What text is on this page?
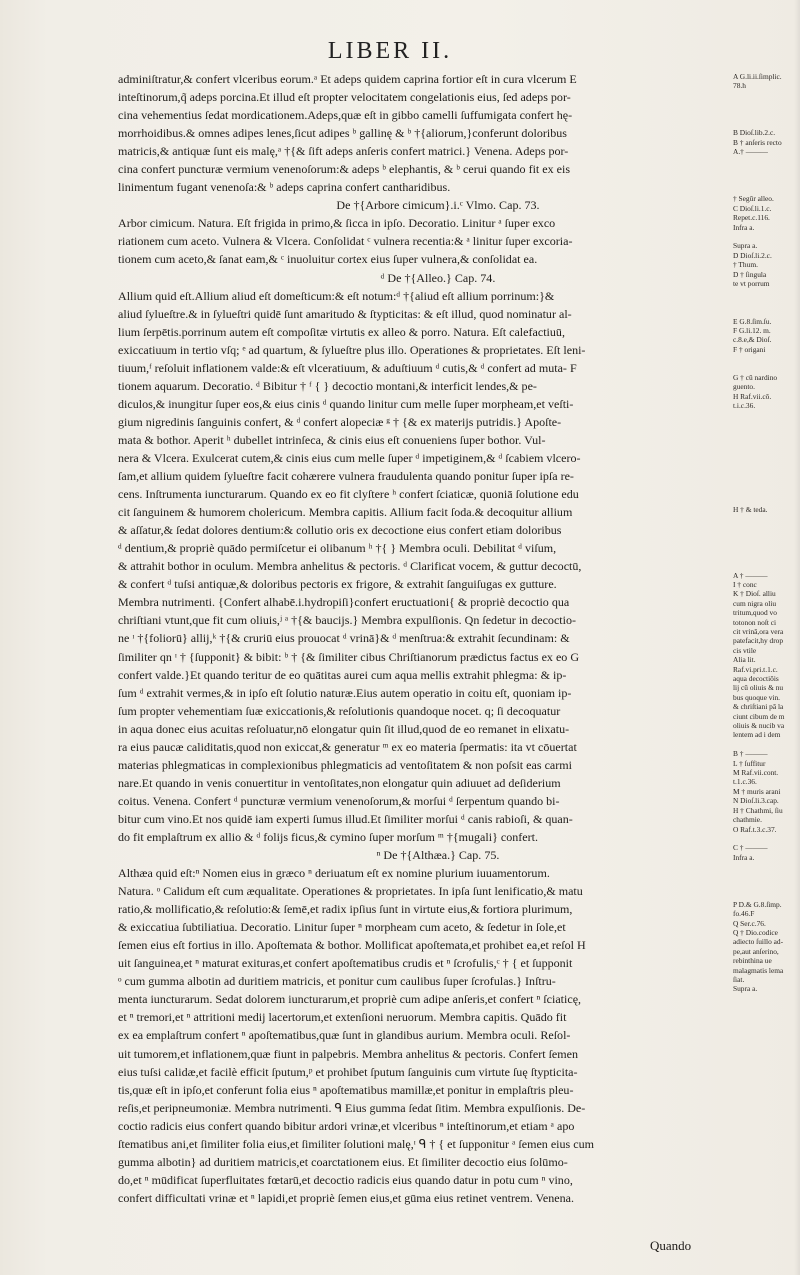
LIBER II.
adminiſtratur,& confert vlceribus eorum.ᵃ Et adeps quidem caprina fortior eſt in cura vlcerum E
inteſtinorum,q̃ adeps porcina.Et illud eſt propter velocitatem congelationis eius, ſed adeps por-
cina vehementius ſedat mordicationem.Adeps,quæ eſt in gibbo camelli ſuffumigata confert hę-
morrhoidibus.& omnes adipes lenes,ſicut adipes ᵇ gallinę & ᵇ †{aliorum,}conferunt doloribus
matricis,& antiquæ ſunt eis malę,ᵃ †{& ſift adeps anſeris confert matrici.} Venena. Adeps por-
cina confert puncturæ vermium venenoſorum:& adeps ᵇ elephantis, & ᵇ cerui quando fit ex eis
linimentum fugant venenoſa:& ᵇ adeps caprina confert cantharidibus.
De †{Arbore cimicum}.i.ᶜ Vlmo. Cap. 73.
Arbor cimicum. Natura. Eſt frigida in primo,& ſicca in ipſo. Decoratio. Linitur ᵃ ſuper exco
riationem cum aceto. Vulnera & Vlcera. Conſolidat ᶜ vulnera recentia:& ᵃ linitur ſuper excoria-
tionem cum aceto,& ſanat eam,& ᶜ inuoluitur cortex eius ſuper vulnera,& conſolidat ea.
ᵈ De †{Alleo.} Cap. 74.
Allium quid eſt.Allium aliud eſt domeſticum:& eſt notum:ᵈ †{aliud eſt allium porrinum:}&
aliud ſylueſtre.& in ſylueſtri quidē ſunt amaritudo & ſtypticitas: & eſt illud, quod nominatur al-
lium ſerpētis.porrinum autem eſt compoſitæ virtutis ex alleo & porro. Natura. Eſt calefactiuū,
exiccatiuum in tertio vſq; ᵉ ad quartum, & ſylueſtre plus illo. Operationes & proprietates. Eſt leni-
tiuum,ᶠ reſoluit inflationem valde:& eſt vlceratiuum, & aduſtiuum ᵈ cutis,& ᵈ confert ad muta- F
tionem aquarum. Decoratio. ᵈ Bibitur † ᶠ { } decoctio montani,& interficit lendes,& pe-
diculos,& inungitur ſuper eos,& eius cinis ᵈ quando linitur cum melle ſuper morpheam,et veſti-
gium nigredinis ſanguinis confert, & ᵈ confert alopeciæ ᵍ † {& ex materijs putridis.} Apoſte-
mata & bothor. Aperit ʰ dubellet intrinſeca, & cinis eius eſt conueniens ſuper bothor. Vul-
nera & Vlcera. Exulcerat cutem,& cinis eius cum melle ſuper ᵈ impetiginem,& ᵈ ſcabiem vlcero-
ſam,et allium quidem ſylueſtre facit cohærere vulnera fraudulenta quando ponitur ſuper ipſa re-
cens. Inſtrumenta iuncturarum. Quando ex eo fit clyſtere ʰ confert ſciaticæ, quoniā ſolutione edu
cit ſanguinem & humorem cholericum. Membra capitis. Allium facit ſoda.& decoquitur allium
& aſſatur,& ſedat dolores dentium:& collutio oris ex decoctione eius confert etiam doloribus
ᵈ dentium,& propriè quādo permiſcetur ei olibanum ʰ †{ } Membra oculi. Debilitat ᵈ viſum,
& attrahit bothor in oculum. Membra anhelitus & pectoris. ᵈ Clarificat vocem, & guttur decoctū,
& confert ᵈ tuſsi antiquæ,& doloribus pectoris ex frigore, & extrahit ſanguiſugas ex gutture.
Membra nutrimenti. {Confert alhabē.i.hydropiſi}confert eructuationi{ & propriè decoctio qua
chriſtiani vtunt,que fit cum oliuis,ʲ ᵃ †{& baucijs.} Membra expulſionis. Qn ſedetur in decoctio-
ne ᶦ †{foliorū} allij,ᵏ †{& cruriū eius prouocat ᵈ vrinā}& ᵈ menſtrua:& extrahit ſecundinam: &
ſimiliter qn ᶦ † {ſupponit} & bibit: ᵇ † {& ſimiliter cibus Chriſtianorum prædictus factus ex eo G
confert valde.}Et quando teritur de eo quātitas aurei cum aqua mellis extrahit phlegma: & ip-
ſum ᵈ extrahit vermes,& in ipſo eſt ſolutio naturæ.Eius autem operatio in coitu eſt, quoniam ip-
ſum propter vehementiam ſuæ exiccationis,& reſolutionis quandoque nocet. q; ſi decoquatur
in aqua donec eius acuitas reſoluatur,nō elongatur quin ſit illud,quod de eo remanet in elixatu-
ra eius paucæ caliditatis,quod non exiccat,& generatur ᵐ ex eo materia ſpermatis: ita vt cōuertat
materias phlegmaticas in complexionibus phlegmaticis ad ventoſitatem & non poſsit eas carmi
nare.Et quando in venis conuertitur in ventoſitates,non elongatur quin adiuuet ad deſiderium
coitus. Venena. Confert ᵈ puncturæ vermium venenoſorum,& morſui ᵈ ſerpentum quando bi-
bitur cum vino.Et nos quidē iam experti ſumus illud.Et ſimiliter morſui ᵈ canis rabioſi, & quan-
do fit emplaſtrum ex allio & ᵈ folijs ficus,& cymino ſuper morſum ᵐ †{mugali} confert.
ⁿ De †{Althæa.} Cap. 75.
Althæa quid eſt:ⁿ Nomen eius in græco ⁿ deriuatum eſt ex nomine plurium iuuamentorum.
Natura. ᵒ Calidum eſt cum æqualitate. Operationes & proprietates. In ipſa ſunt lenificatio,& matu
ratio,& mollificatio,& reſolutio:& ſemē,et radix ipſius ſunt in virtute eius,& fortiora plurimum,
& exiccatiua ſubtiliatiua. Decoratio. Linitur ſuper ⁿ morpheam cum aceto, & ſedetur in ſole,et
ſemen eius eſt fortius in illo. Apoſtemata & bothor. Mollificat apoſtemata,et prohibet ea,et reſol H
uit ſanguinea,et ⁿ maturat exituras,et confert apoſtematibus crudis et ⁿ ſcrofulis,ᶜ † { et ſupponit
ᵒ cum gumma albotin ad duritiem matricis, et ponitur cum caulibus ſuper ſcrofulas.} Inſtru-
menta iuncturarum. Sedat dolorem iuncturarum,et propriè cum adipe anſeris,et confert ⁿ ſciaticę,
et ⁿ tremori,et ⁿ attritioni medij lacertorum,et extenſioni neruorum. Membra capitis. Quādo fit
ex ea emplaſtrum confert ⁿ apoſtematibus,quæ ſunt in glandibus aurium. Membra oculi. Reſol-
uit tumorem,et inflationem,quæ fiunt in palpebris. Membra anhelitus & pectoris. Confert ſemen
eius tuſsi calidæ,et facilè efficit ſputum,ᵖ et prohibet ſputum ſanguinis cum virtute ſuę ſtypticita-
tis,quæ eſt in ipſo,et conferunt folia eius ⁿ apoſtematibus mamillæ,et ponitur in emplaſtris pleu-
reſis,et peripneumoniæ. Membra nutrimenti. ᑫ Eius gumma ſedat ſitim. Membra expulſionis. De-
coctio radicis eius confert quando bibitur ardori vrinæ,et vlceribus ⁿ inteſtinorum,et etiam ᵃ apo
ſtematibus ani,et ſimiliter folia eius,et ſimiliter ſolutioni malę,ᶦ ᑫ † { et ſupponitur ᵃ ſemen eius cum
gumma albotin} ad duritiem matricis,et coarctationem eius. Et ſimiliter decoctio eius ſolūmo-
do,et ⁿ mūdificat ſuperfluitates fœtarū,et decoctio radicis eius quando datur in potu cum ⁿ vino,
confert difficultati vrinæ et ⁿ lapidi,et propriè ſemen eius,et gūma eius retinet ventrem. Venena.
A G.li.ii.ſimplic.
78.h

B Dioſ.lib.2.c.
B † anſeris recto
A.† ———

† Segūr alleo.
C Dioſ.li.1.c.
Repet.c.116.
Infra a.

Supra a.
D Dioſ.li.2.c.
† Thum.
D † ſingula
te vt porrum

E G.8.ſim.ſu.
F G.li.12. m.
c.8.e,& Dioſ.
F † origani

G † cū nardino
guento.
H Raf.vii.cō.
t.i.c.36.

H † & teda.

A † ———
I † conc
K † Dioſ. alliu
cum nigra oliu
tritum,quod vo
totonon noſt ci
cit vrinā,ora vera
patefacit,hy drop
cis vtile
Alia lit.
Raf.vi.pri.t.1.c.
aqua decoctiōis
lij cū oliuis & nu
bus quoque vin.
& chriſtiani pā la
ciunt cibum de m
oliuis & nucib va
lentem ad i dem

B † ———
L † ſuffitur
M Raf.vii.cont.
t.1.c.36.
M † muris arani
N Dioſ.li.3.cap.
H † Chathmi, ſiu
chathmie.
O Raf.t.3.c.37.

C † ———
Infra a.

P D.& G.8.ſimp.
fo.46.F
Q Ser.c.76.
Q † Dio.codice
adiecto ſuillo ad-
pe,aut anſerino,
rebinthina ue
malagmatis lema
ſiat.
Supra a.
Quando
